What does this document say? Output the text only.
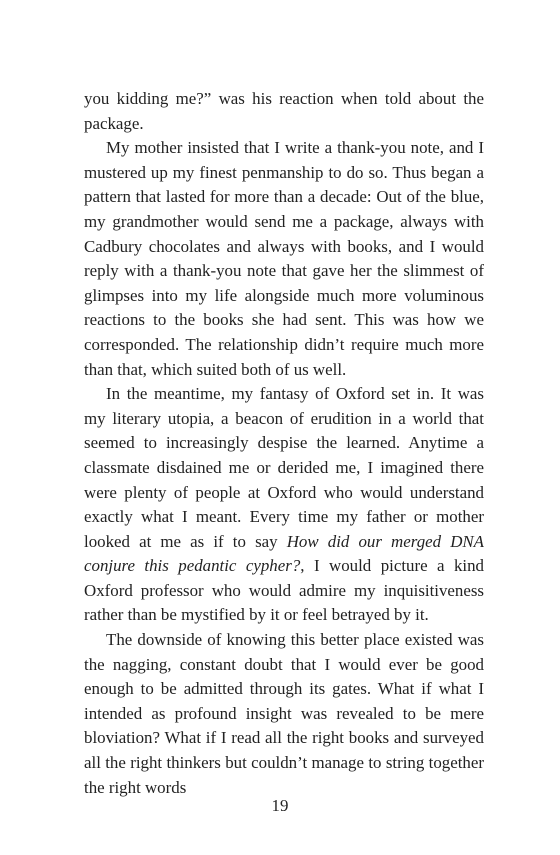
you kidding me?” was his reaction when told about the package.

My mother insisted that I write a thank-you note, and I mustered up my finest penmanship to do so. Thus began a pattern that lasted for more than a decade: Out of the blue, my grandmother would send me a package, always with Cadbury chocolates and always with books, and I would reply with a thank-you note that gave her the slimmest of glimpses into my life alongside much more voluminous reactions to the books she had sent. This was how we corresponded. The relationship didn’t require much more than that, which suited both of us well.

In the meantime, my fantasy of Oxford set in. It was my literary utopia, a beacon of erudition in a world that seemed to increasingly despise the learned. Anytime a classmate disdained me or derided me, I imagined there were plenty of people at Oxford who would understand exactly what I meant. Every time my father or mother looked at me as if to say How did our merged DNA conjure this pedantic cypher?, I would picture a kind Oxford professor who would admire my inquisitiveness rather than be mystified by it or feel betrayed by it.

The downside of knowing this better place existed was the nagging, constant doubt that I would ever be good enough to be admitted through its gates. What if what I intended as profound insight was revealed to be mere bloviation? What if I read all the right books and surveyed all the right thinkers but couldn’t manage to string together the right words

19
